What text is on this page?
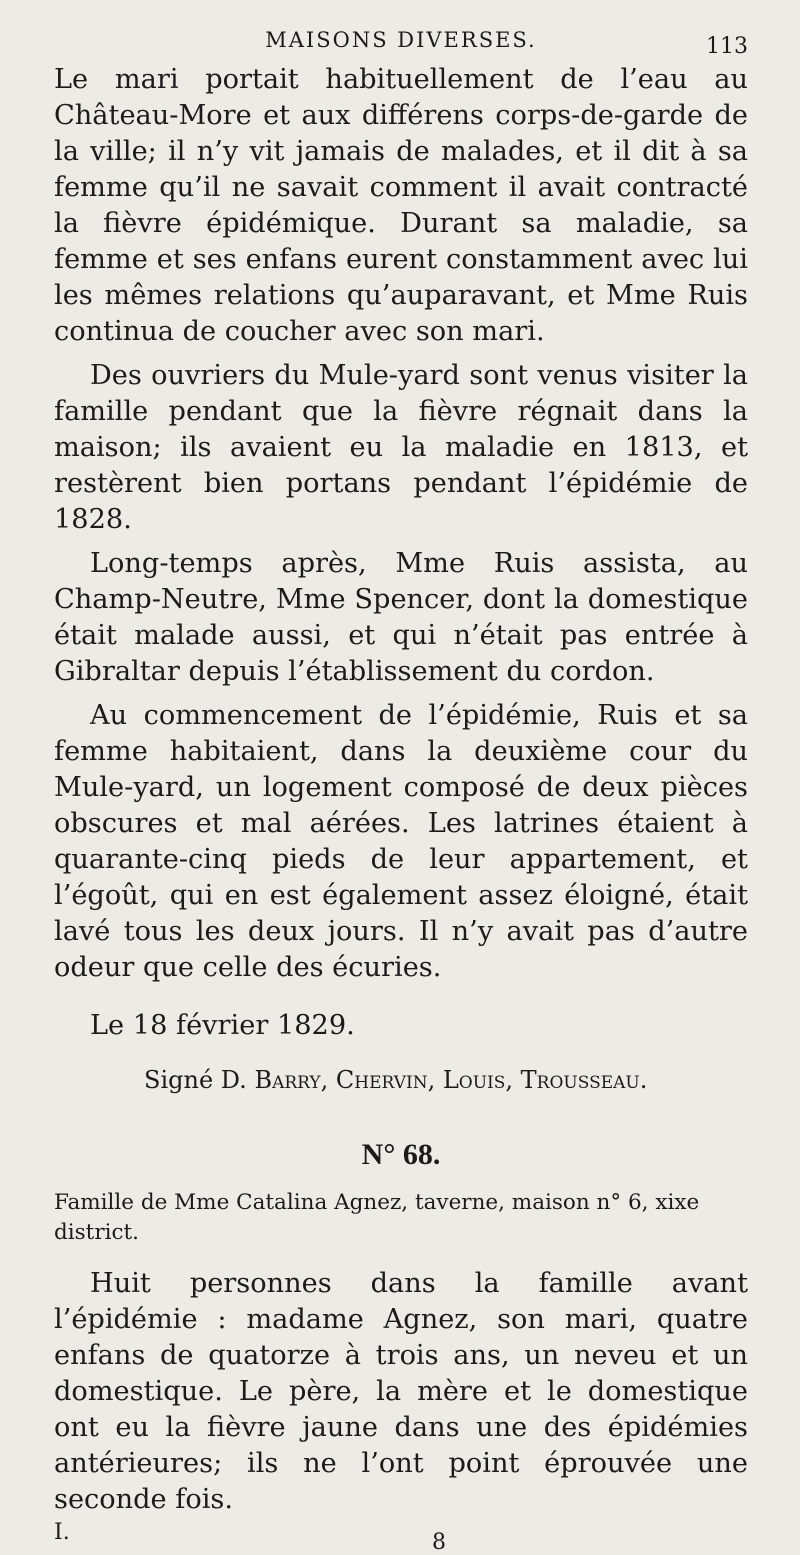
MAISONS DIVERSES.	113

Le mari portait habituellement de l’eau au Château-More et aux différens corps-de-garde de la ville; il n’y vit jamais de malades, et il dit à sa femme qu’il ne savait comment il avait contracté la fièvre épidémique. Durant sa maladie, sa femme et ses enfans eurent constamment avec lui les mêmes relations qu’auparavant, et Mme Ruis continua de coucher avec son mari.

Des ouvriers du Mule-yard sont venus visiter la famille pendant que la fièvre régnait dans la maison; ils avaient eu la maladie en 1813, et restèrent bien portans pendant l’épidémie de 1828.

Long-temps après, Mme Ruis assista, au Champ-Neutre, Mme Spencer, dont la domestique était malade aussi, et qui n’était pas entrée à Gibraltar depuis l’établissement du cordon.

Au commencement de l’épidémie, Ruis et sa femme habitaient, dans la deuxième cour du Mule-yard, un logement composé de deux pièces obscures et mal aérées. Les latrines étaient à quarante-cinq pieds de leur appartement, et l’égoût, qui en est également assez éloigné, était lavé tous les deux jours. Il n’y avait pas d’autre odeur que celle des écuries.

Le 18 février 1829.

Signé D. Barry, Chervin, Louis, Trousseau.

N° 68.

Famille de Mme Catalina Agnez, taverne, maison n° 6, xixe district.

Huit personnes dans la famille avant l’épidémie : madame Agnez, son mari, quatre enfans de quatorze à trois ans, un neveu et un domestique. Le père, la mère et le domestique ont eu la fièvre jaune dans une des épidémies antérieures; ils ne l’ont point éprouvée une seconde fois.

I.	8
